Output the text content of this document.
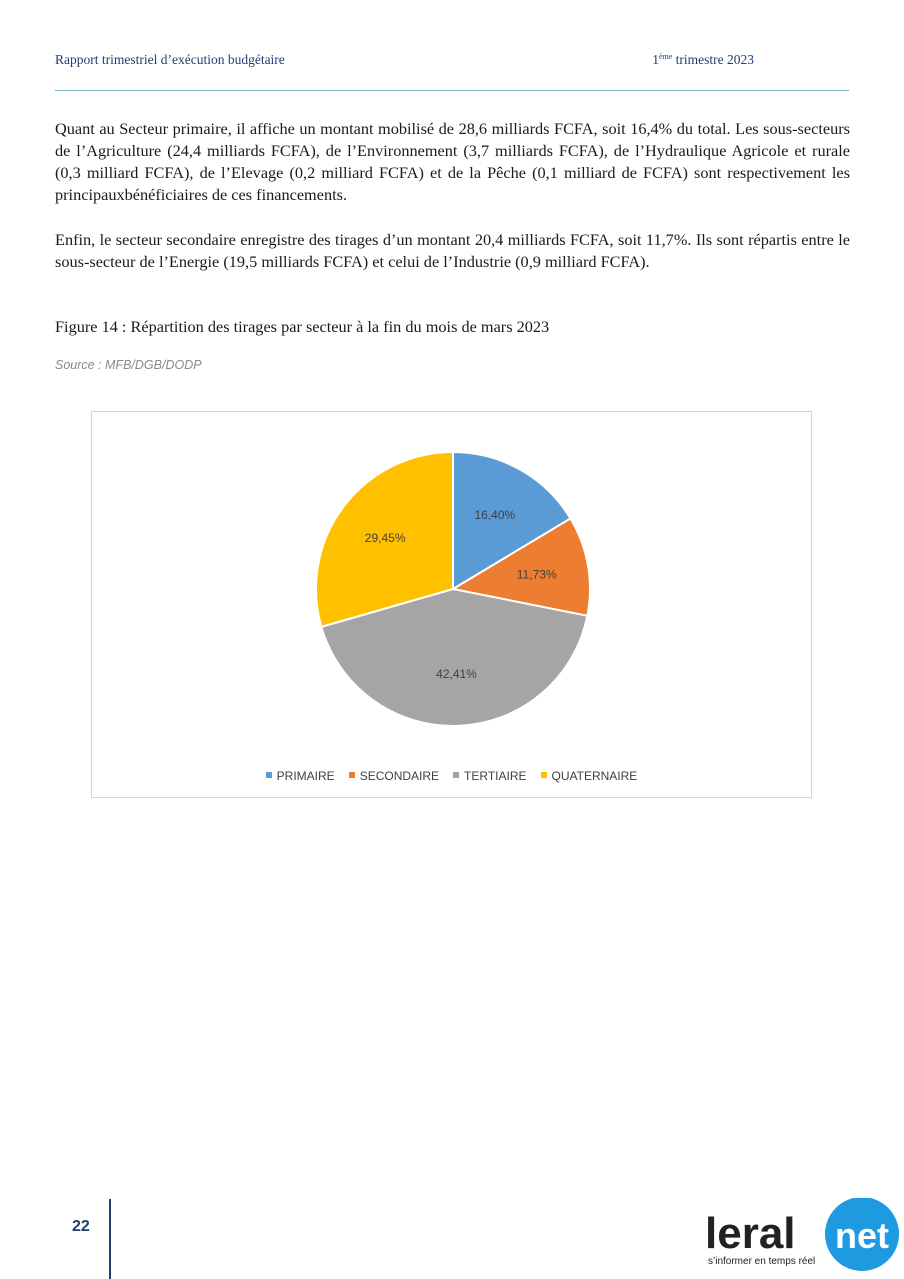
Rapport trimestriel d’exécution budgétaire	1ème trimestre 2023

Quant au Secteur primaire, il affiche un montant mobilisé de 28,6 milliards FCFA, soit 16,4% du total. Les sous-secteurs de l’Agriculture (24,4 milliards FCFA), de l’Environnement (3,7 milliards FCFA), de l’Hydraulique Agricole et rurale (0,3 milliard FCFA), de l’Elevage (0,2 milliard FCFA) et de la Pêche (0,1 milliard de FCFA) sont respectivement les principauxbénéficiaires de ces financements.

Enfin, le secteur secondaire enregistre des tirages d’un montant 20,4 milliards FCFA, soit 11,7%. Ils sont répartis entre le sous-secteur de l’Energie (19,5 milliards FCFA) et celui de l’Industrie (0,9 milliard FCFA).

Figure 14 : Répartition des tirages par secteur à la fin du mois de mars 2023
Source : MFB/DGB/DODP
16,40%
11,73%
42,41%
29,45%
PRIMAIRE SECONDAIRE TERTIAIRE QUATERNAIRE
22	leral net
s’informer en temps réel
